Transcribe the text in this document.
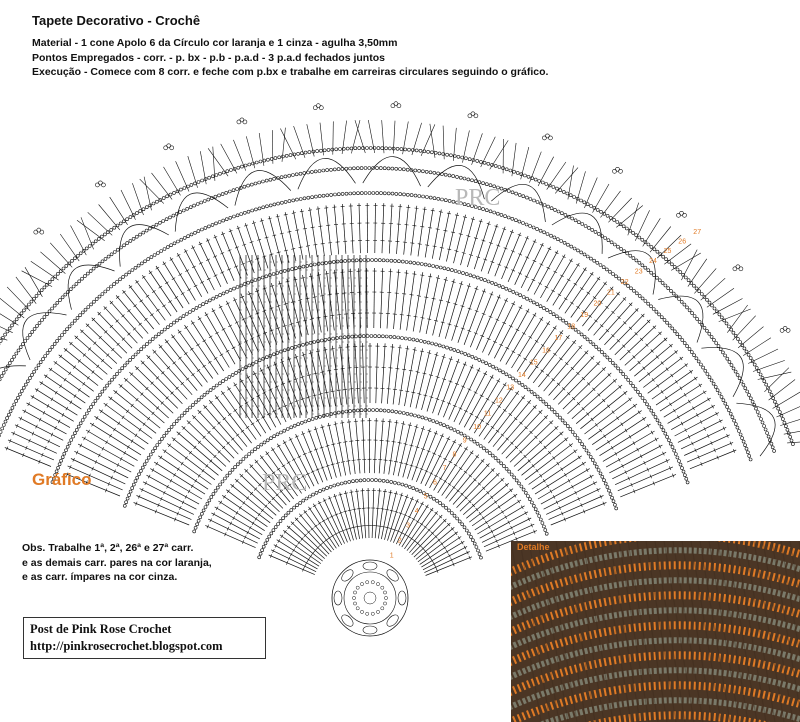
Tapete Decorativo - Crochê
Material - 1 cone Apolo 6 da Círculo cor laranja e 1 cinza - agulha 3,50mm
Pontos Empregados - corr. - p. bx - p.b - p.a.d - 3 p.a.d fechados juntos
Execução - Comece com 8 corr. e feche com p.bx e trabalhe em carreiras circulares seguindo o gráfico.
1
2
3
4
5
6
7
8
9
10
11
12
13
14
15
16
17
18
19
20
21
22
23
24
25
26
27
PRC
PRC
Gráfico
Obs. Trabalhe 1ª, 2ª, 26ª e 27ª carr.
e as demais carr. pares na cor laranja,
e as carr. ímpares na cor cinza.
Post de Pink Rose Crochet
http://pinkrosecrochet.blogspot.com
Detalhe
